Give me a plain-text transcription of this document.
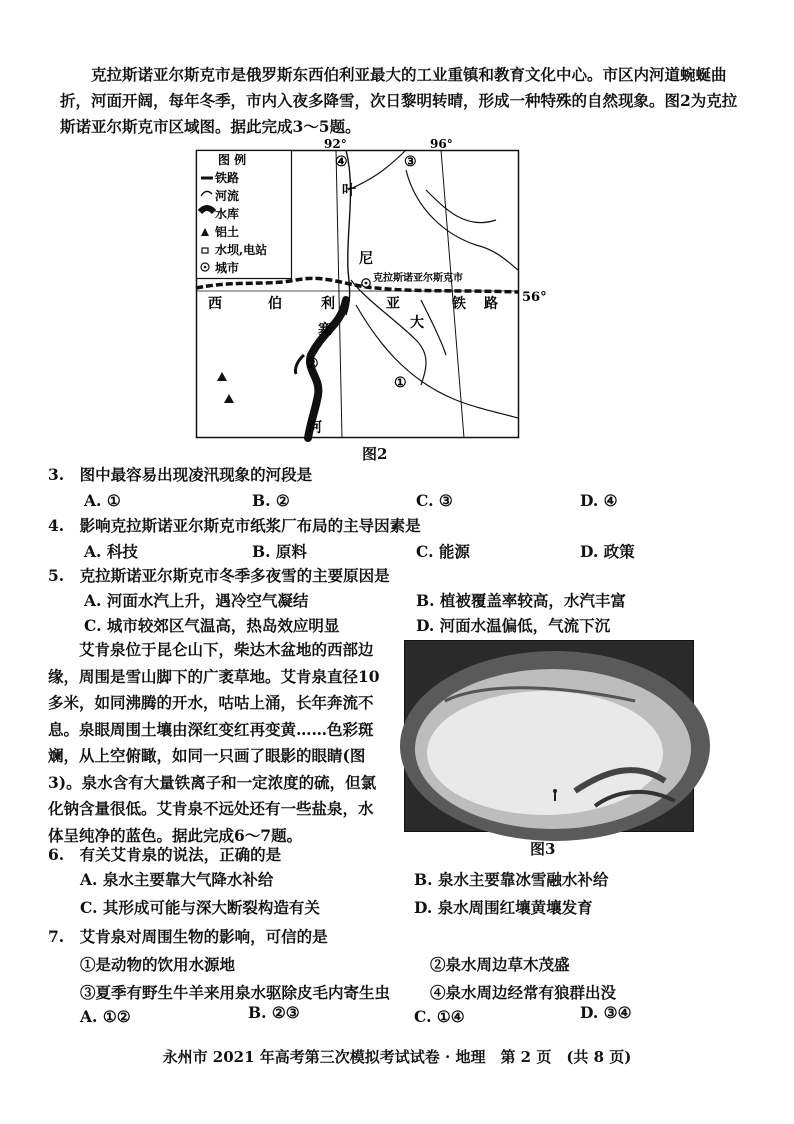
克拉斯诺亚尔斯克市是俄罗斯东西伯利亚最大的工业重镇和教育文化中心。市区内河道蜿蜒曲折，河面开阔，每年冬季，市内入夜多降雪，次日黎明转晴，形成一种特殊的自然现象。图2为克拉斯诺亚尔斯克市区域图。据此完成3～5题。

图 例
铁路
河流
水库
铝土
水坝,电站
城市
92°	96°
56°
克拉斯诺亚尔斯克市
西	伯	利	亚	铁 路
叶
尼
塞
河
大
①
②
③
④
图2
3.　图中最容易出现凌汛现象的河段是
A. ①	B. ②	C. ③	D. ④
4.　影响克拉斯诺亚尔斯克市纸浆厂布局的主导因素是
A. 科技	B. 原料	C. 能源	D. 政策
5.　克拉斯诺亚尔斯克市冬季多夜雪的主要原因是
A. 河面水汽上升，遇冷空气凝结	B. 植被覆盖率较高，水汽丰富
C. 城市较郊区气温高，热岛效应明显	D. 河面水温偏低，气流下沉

艾肯泉位于昆仑山下，柴达木盆地的西部边缘，周围是雪山脚下的广袤草地。艾肯泉直径10多米，如同沸腾的开水，咕咕上涌，长年奔流不息。泉眼周围土壤由深红变红再变黄……色彩斑斓，从上空俯瞰，如同一只画了眼影的眼睛(图3)。泉水含有大量铁离子和一定浓度的硫，但氯化钠含量很低。艾肯泉不远处还有一些盐泉，水体呈纯净的蓝色。据此完成6～7题。

图3
6.　有关艾肯泉的说法，正确的是
A. 泉水主要靠大气降水补给	B. 泉水主要靠冰雪融水补给
C. 其形成可能与深大断裂构造有关	D. 泉水周围红壤黄壤发育
7.　艾肯泉对周围生物的影响，可信的是
①是动物的饮用水源地	②泉水周边草木茂盛
③夏季有野生牛羊来用泉水驱除皮毛内寄生虫	④泉水周边经常有狼群出没
A. ①②	B. ②③	C. ①④	D. ③④
永州市 2021 年高考第三次模拟考试试卷 · 地理　第 2 页　(共 8 页)
